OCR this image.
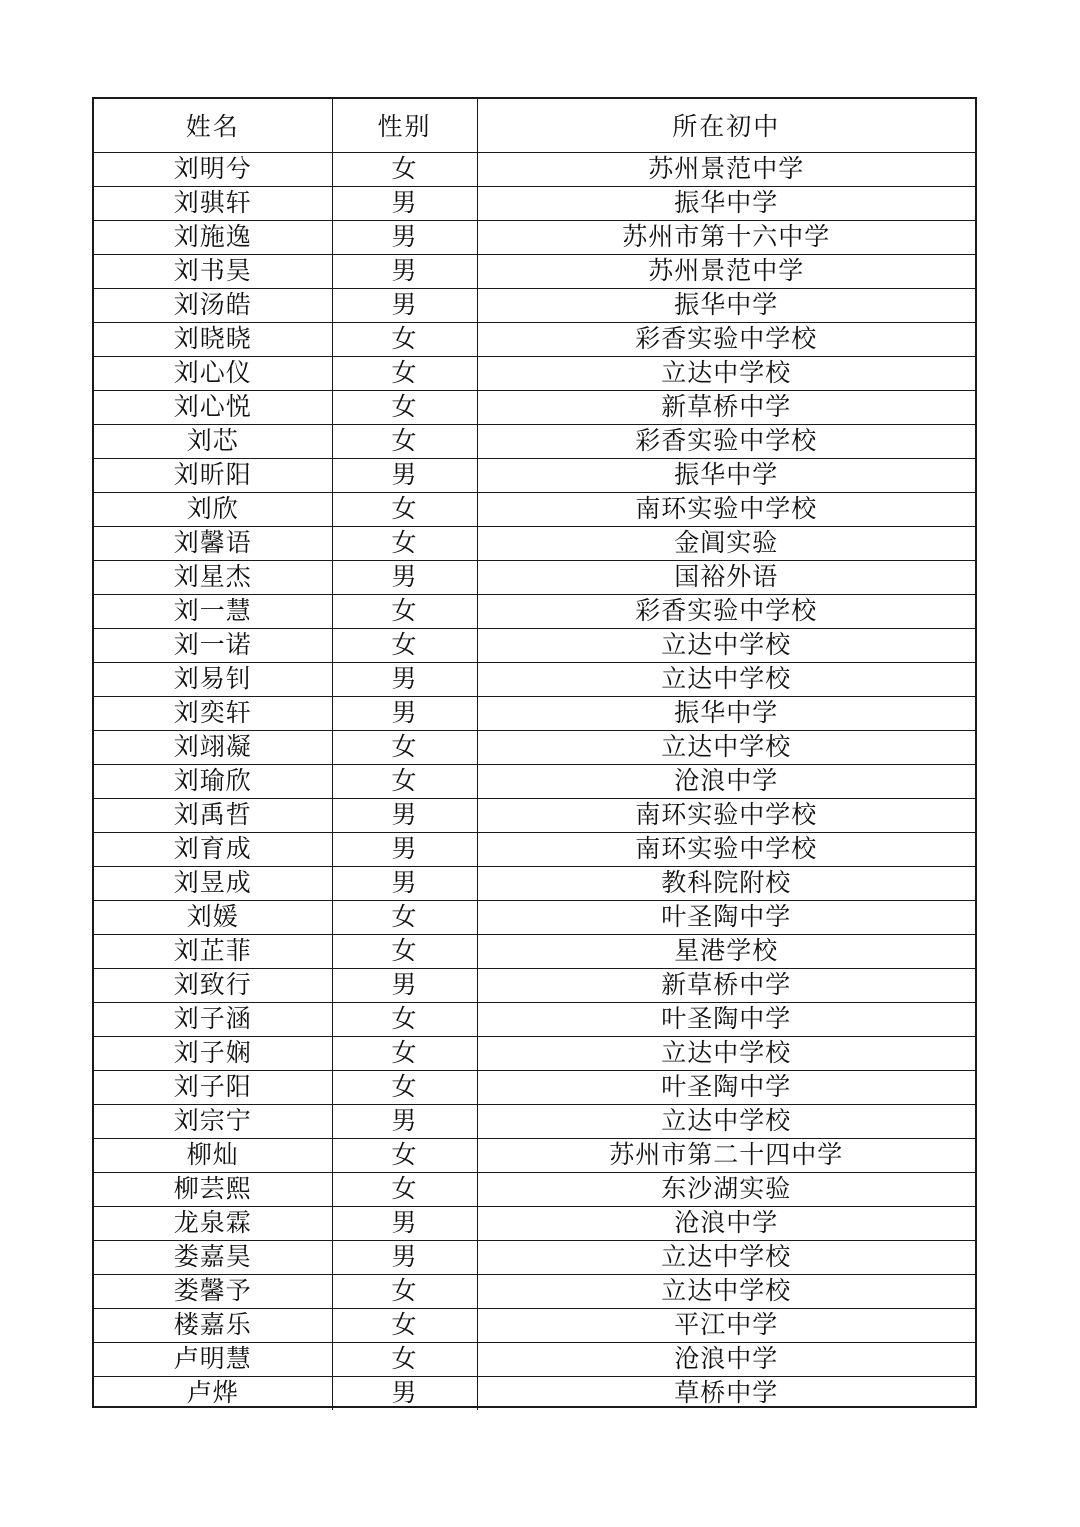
姓名	性别	所在初中
刘明兮	女	苏州景范中学
刘骐轩	男	振华中学
刘施逸	男	苏州市第十六中学
刘书昊	男	苏州景范中学
刘汤皓	男	振华中学
刘晓晓	女	彩香实验中学校
刘心仪	女	立达中学校
刘心悦	女	新草桥中学
刘芯	女	彩香实验中学校
刘昕阳	男	振华中学
刘欣	女	南环实验中学校
刘馨语	女	金阊实验
刘星杰	男	国裕外语
刘一慧	女	彩香实验中学校
刘一诺	女	立达中学校
刘易钊	男	立达中学校
刘奕轩	男	振华中学
刘翊凝	女	立达中学校
刘瑜欣	女	沧浪中学
刘禹哲	男	南环实验中学校
刘育成	男	南环实验中学校
刘昱成	男	教科院附校
刘媛	女	叶圣陶中学
刘芷菲	女	星港学校
刘致行	男	新草桥中学
刘子涵	女	叶圣陶中学
刘子娴	女	立达中学校
刘子阳	女	叶圣陶中学
刘宗宁	男	立达中学校
柳灿	女	苏州市第二十四中学
柳芸熙	女	东沙湖实验
龙泉霖	男	沧浪中学
娄嘉昊	男	立达中学校
娄馨予	女	立达中学校
楼嘉乐	女	平江中学
卢明慧	女	沧浪中学
卢烨	男	草桥中学
